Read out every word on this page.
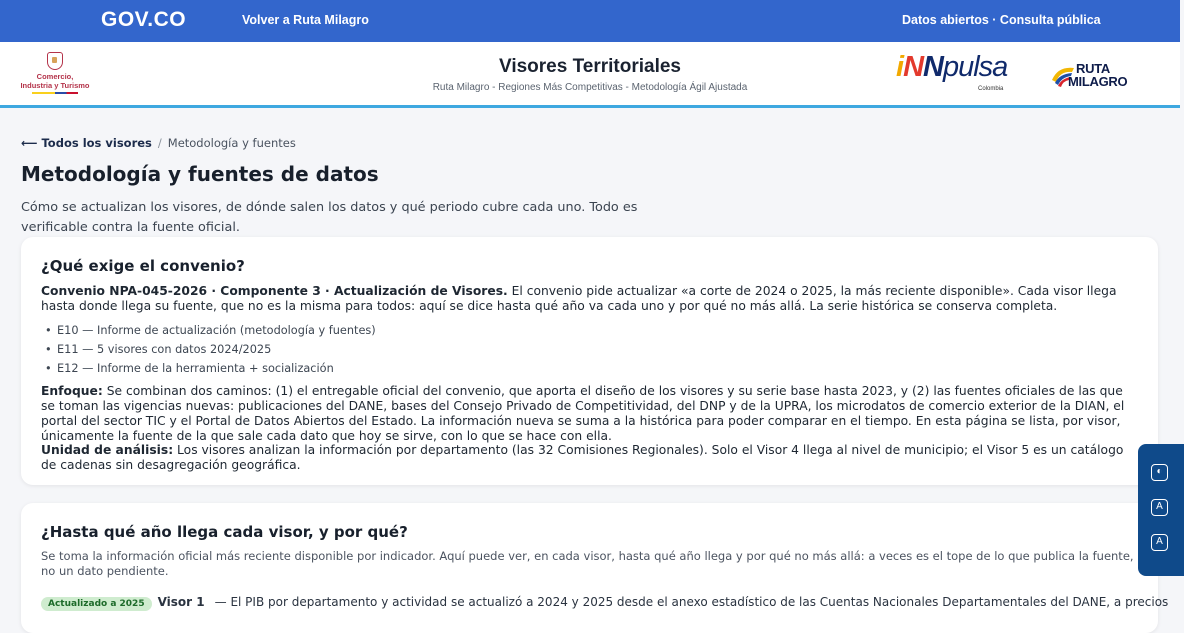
GOV.CO	Volver a Ruta Milagro	Datos abiertos · Consulta pública
Comercio, Industria y Turismo
Visores Territoriales
Ruta Milagro - Regiones Más Competitivas - Metodología Ágil Ajustada
iNNpulsa
Colombia
RUTA
MILAGRO
⟵ Todos los visores / Metodología y fuentes
Metodología y fuentes de datos

Cómo se actualizan los visores, de dónde salen los datos y qué periodo cubre cada uno. Todo es verificable contra la fuente oficial.

¿Qué exige el convenio?

Convenio NPA-045-2026 · Componente 3 · Actualización de Visores. El convenio pide actualizar «a corte de 2024 o 2025, la más reciente disponible». Cada visor llega hasta donde llega su fuente, que no es la misma para todos: aquí se dice hasta qué año va cada uno y por qué no más allá. La serie histórica se conserva completa.

• E10 — Informe de actualización (metodología y fuentes)
• E11 — 5 visores con datos 2024/2025
• E12 — Informe de la herramienta + socialización

Enfoque: Se combinan dos caminos: (1) el entregable oficial del convenio, que aporta el diseño de los visores y su serie base hasta 2023, y (2) las fuentes oficiales de las que se toman las vigencias nuevas: publicaciones del DANE, bases del Consejo Privado de Competitividad, del DNP y de la UPRA, los microdatos de comercio exterior de la DIAN, el portal del sector TIC y el Portal de Datos Abiertos del Estado. La información nueva se suma a la histórica para poder comparar en el tiempo. En esta página se lista, por visor, únicamente la fuente de la que sale cada dato que hoy se sirve, con lo que se hace con ella.

Unidad de análisis: Los visores analizan la información por departamento (las 32 Comisiones Regionales). Solo el Visor 4 llega al nivel de municipio; el Visor 5 es un catálogo de cadenas sin desagregación geográfica.

¿Hasta qué año llega cada visor, y por qué?

Se toma la información oficial más reciente disponible por indicador. Aquí puede ver, en cada visor, hasta qué año llega y por qué no más allá: a veces es el tope de lo que publica la fuente, no un dato pendiente.

Actualizado a 2025 Visor 1 — El PIB por departamento y actividad se actualizó a 2024 y 2025 desde el anexo estadístico de las Cuentas Nacionales Departamentales del DANE, a precios
◐
A
A
